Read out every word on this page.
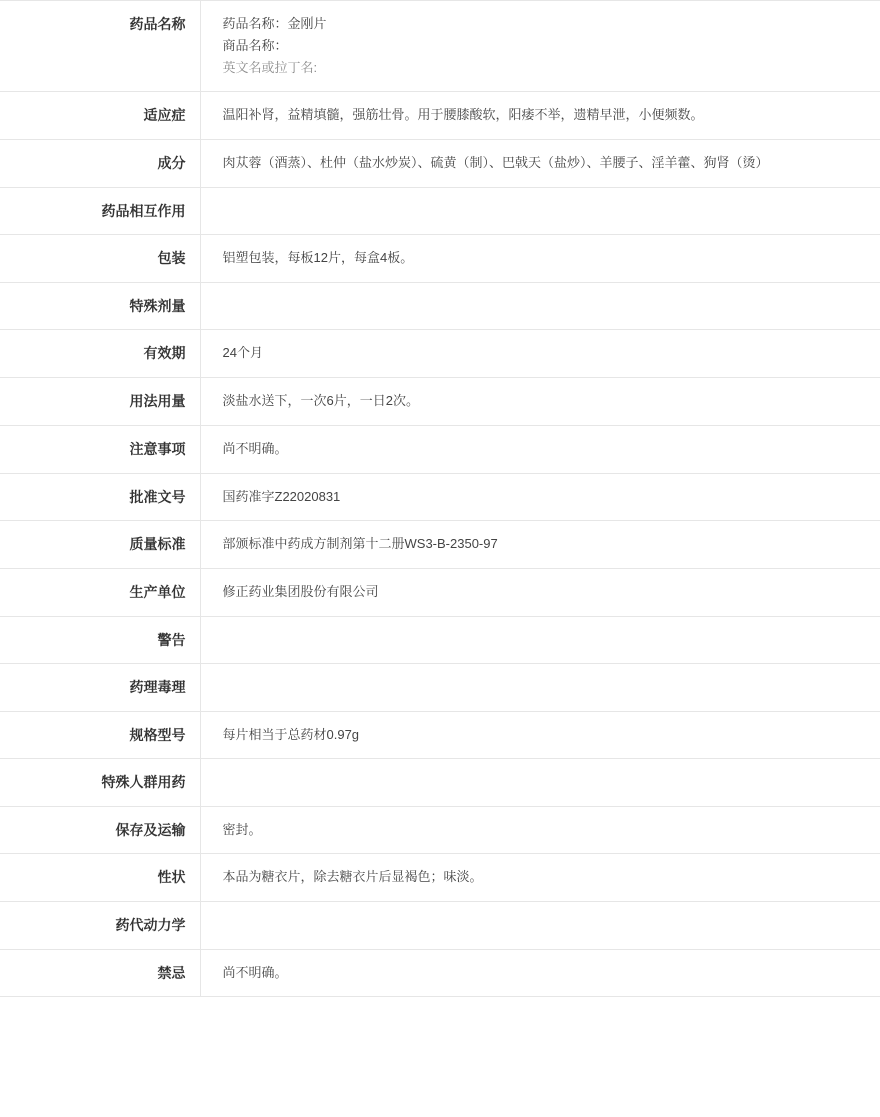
药品名称	药品名称：金刚片
商品名称：
英文名或拉丁名:

适应症	温阳补肾，益精填髓，强筋壮骨。用于腰膝酸软，阳痿不举，遗精早泄，小便频数。
成分	肉苁蓉（酒蒸）、杜仲（盐水炒炭）、硫黄（制）、巴戟天（盐炒）、羊腰子、淫羊藿、狗肾（烫）
药品相互作用	
包装	铝塑包装，每板12片，每盒4板。
特殊剂量	
有效期	24个月
用法用量	淡盐水送下，一次6片，一日2次。
注意事项	尚不明确。
批准文号	国药准字Z22020831
质量标准	部颁标准中药成方制剂第十二册WS3-B-2350-97
生产单位	修正药业集团股份有限公司
警告	
药理毒理	
规格型号	每片相当于总药材0.97g
特殊人群用药	
保存及运输	密封。
性状	本品为糖衣片，除去糖衣片后显褐色；味淡。
药代动力学	
禁忌	尚不明确。
